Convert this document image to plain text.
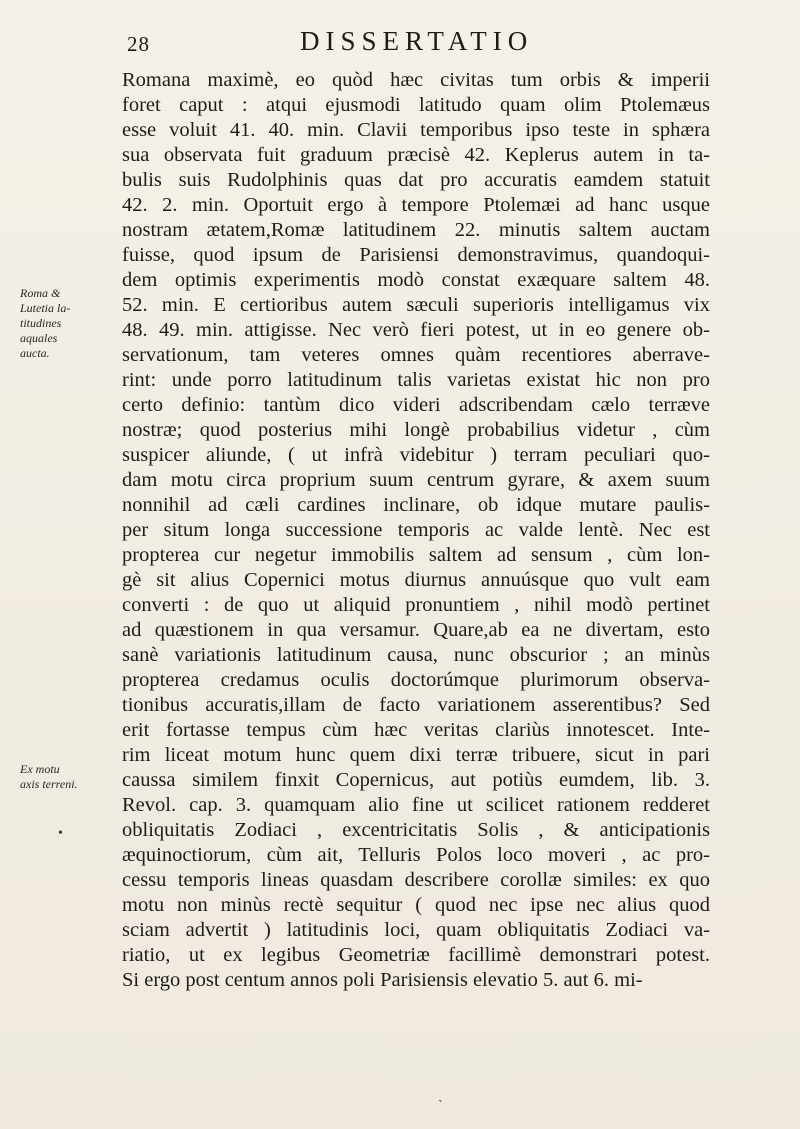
28	DISSERTATIO
Roma &
Lutetia la-
titudines
aquales
aucta.
Ex motu
axis terreni.
•
Romana maximè, eo quòd hæc civitas tum orbis & imperii
foret caput : atqui ejusmodi latitudo quam olim Ptolemæus
esse voluit 41. 40. min. Clavii temporibus ipso teste in sphæra
sua observata fuit graduum præcisè 42. Keplerus autem in ta-
bulis suis Rudolphinis quas dat pro accuratis eamdem statuit
42. 2. min. Oportuit ergo à tempore Ptolemæi ad hanc usque
nostram ætatem,Romæ latitudinem 22. minutis saltem auctam
fuisse, quod ipsum de Parisiensi demonstravimus, quandoqui-
dem optimis experimentis modò constat exæquare saltem 48.
52. min. E certioribus autem sæculi superioris intelligamus vix
48. 49. min. attigisse. Nec verò fieri potest, ut in eo genere ob-
servationum, tam veteres omnes quàm recentiores aberrave-
rint: unde porro latitudinum talis varietas existat hic non pro
certo definio: tantùm dico videri adscribendam cælo terræve
nostræ; quod posterius mihi longè probabilius videtur , cùm
suspicer aliunde, ( ut infrà videbitur ) terram peculiari quo-
dam motu circa proprium suum centrum gyrare, & axem suum
nonnihil ad cæli cardines inclinare, ob idque mutare paulis-
per situm longa successione temporis ac valde lentè. Nec est
propterea cur negetur immobilis saltem ad sensum , cùm lon-
gè sit alius Copernici motus diurnus annuúsque quo vult eam
converti : de quo ut aliquid pronuntiem , nihil modò pertinet
ad quæstionem in qua versamur. Quare,ab ea ne divertam, esto
sanè variationis latitudinum causa, nunc obscurior ; an minùs
propterea credamus oculis doctorúmque plurimorum observa-
tionibus accuratis,illam de facto variationem asserentibus? Sed
erit fortasse tempus cùm hæc veritas clariùs innotescet. Inte-
rim liceat motum hunc quem dixi terræ tribuere, sicut in pari
caussa similem finxit Copernicus, aut potiùs eumdem, lib. 3.
Revol. cap. 3. quamquam alio fine ut scilicet rationem redderet
obliquitatis Zodiaci , excentricitatis Solis , & anticipationis
æquinoctiorum, cùm ait, Telluris Polos loco moveri , ac pro-
cessu temporis lineas quasdam describere corollæ similes: ex quo
motu non minùs rectè sequitur ( quod nec ipse nec alius quod
sciam advertit ) latitudinis loci, quam obliquitatis Zodiaci va-
riatio, ut ex legibus Geometriæ facillimè demonstrari potest.
Si ergo post centum annos poli Parisiensis elevatio 5. aut 6. mi-
ˏ
